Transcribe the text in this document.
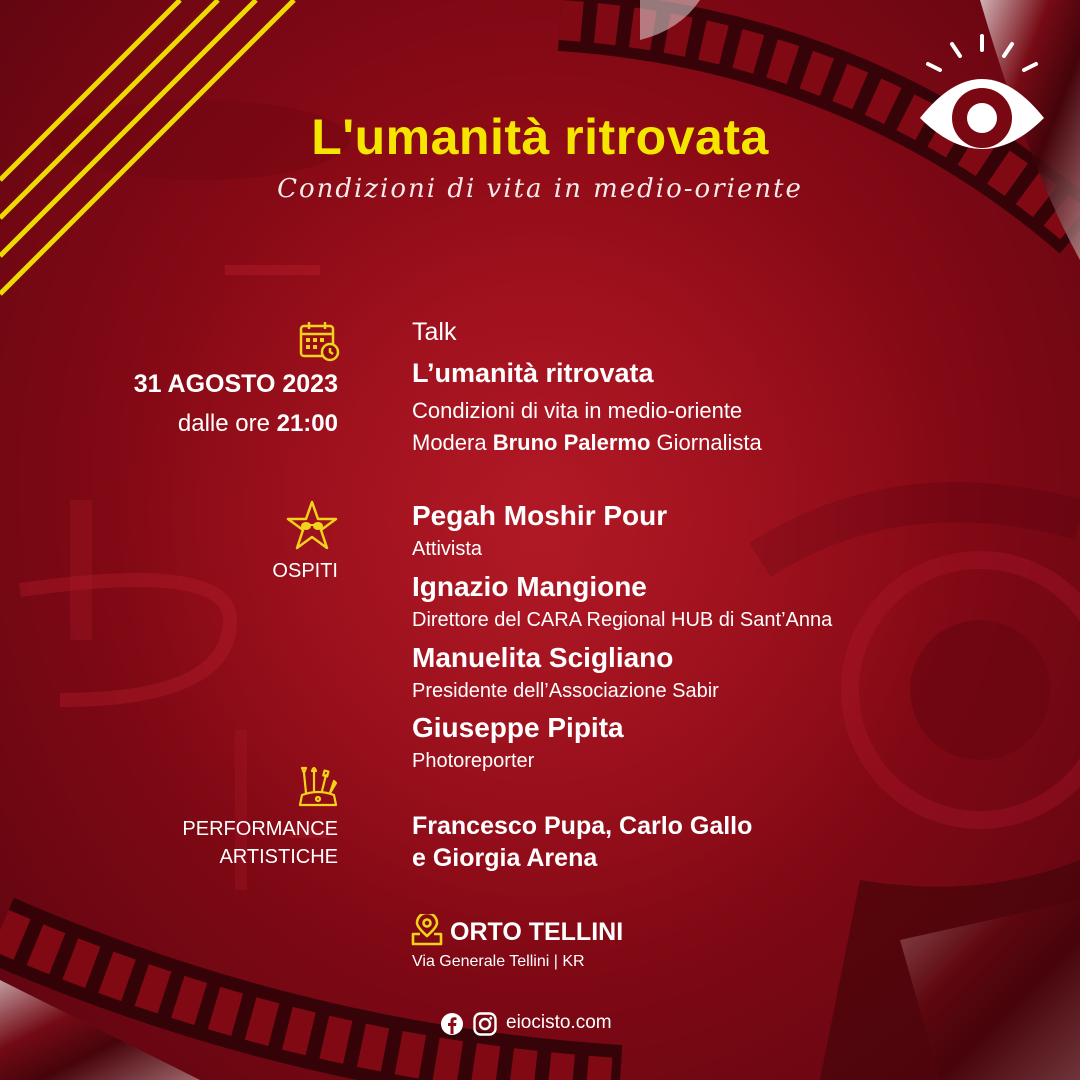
L'umanità ritrovata
Condizioni di vita in medio-oriente
31 AGOSTO 2023
dalle ore 21:00
Talk
L’umanità ritrovata
Condizioni di vita in medio-oriente
Modera Bruno Palermo Giornalista
OSPITI
Pegah Moshir Pour
Attivista
Ignazio Mangione
Direttore del CARA Regional HUB di Sant’Anna
Manuelita Scigliano
Presidente dell’Associazione Sabir
Giuseppe Pipita
Photoreporter
PERFORMANCE
ARTISTICHE
Francesco Pupa, Carlo Gallo
e Giorgia Arena
ORTO TELLINI
Via Generale Tellini | KR
eiocisto.com
